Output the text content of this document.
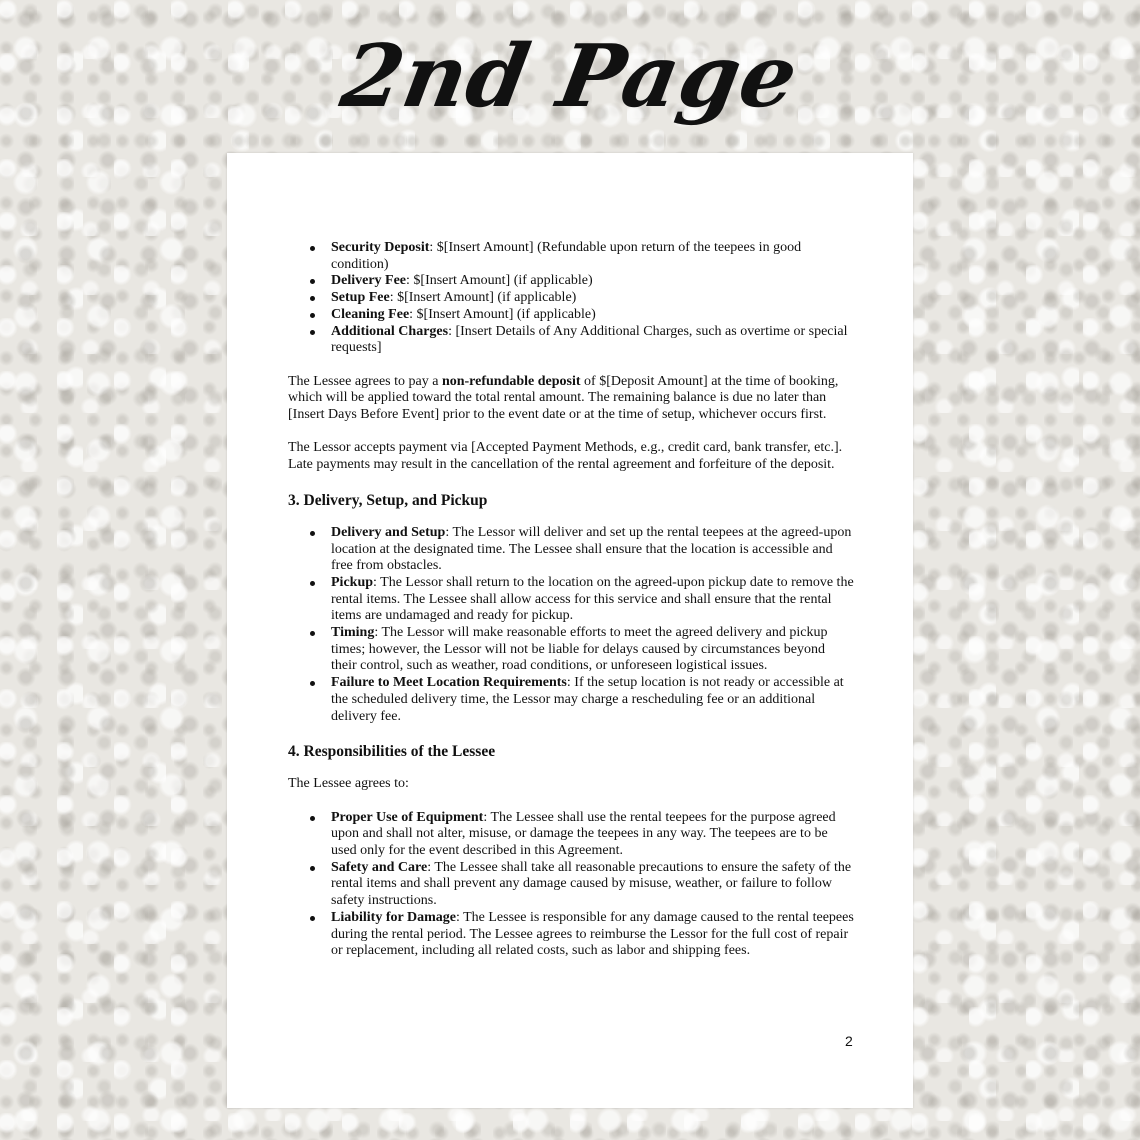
2nd Page
Security Deposit: $[Insert Amount] (Refundable upon return of the teepees in good condition)
Delivery Fee: $[Insert Amount] (if applicable)
Setup Fee: $[Insert Amount] (if applicable)
Cleaning Fee: $[Insert Amount] (if applicable)
Additional Charges: [Insert Details of Any Additional Charges, such as overtime or special requests]

The Lessee agrees to pay a non-refundable deposit of $[Deposit Amount] at the time of booking, which will be applied toward the total rental amount. The remaining balance is due no later than [Insert Days Before Event] prior to the event date or at the time of setup, whichever occurs first.

The Lessor accepts payment via [Accepted Payment Methods, e.g., credit card, bank transfer, etc.]. Late payments may result in the cancellation of the rental agreement and forfeiture of the deposit.

3. Delivery, Setup, and Pickup
Delivery and Setup: The Lessor will deliver and set up the rental teepees at the agreed-upon location at the designated time. The Lessee shall ensure that the location is accessible and free from obstacles.
Pickup: The Lessor shall return to the location on the agreed-upon pickup date to remove the rental items. The Lessee shall allow access for this service and shall ensure that the rental items are undamaged and ready for pickup.
Timing: The Lessor will make reasonable efforts to meet the agreed delivery and pickup times; however, the Lessor will not be liable for delays caused by circumstances beyond their control, such as weather, road conditions, or unforeseen logistical issues.
Failure to Meet Location Requirements: If the setup location is not ready or accessible at the scheduled delivery time, the Lessor may charge a rescheduling fee or an additional delivery fee.
4. Responsibilities of the Lessee

The Lessee agrees to:

Proper Use of Equipment: The Lessee shall use the rental teepees for the purpose agreed upon and shall not alter, misuse, or damage the teepees in any way. The teepees are to be used only for the event described in this Agreement.
Safety and Care: The Lessee shall take all reasonable precautions to ensure the safety of the rental items and shall prevent any damage caused by misuse, weather, or failure to follow safety instructions.
Liability for Damage: The Lessee is responsible for any damage caused to the rental teepees during the rental period. The Lessee agrees to reimburse the Lessor for the full cost of repair or replacement, including all related costs, such as labor and shipping fees.
2
